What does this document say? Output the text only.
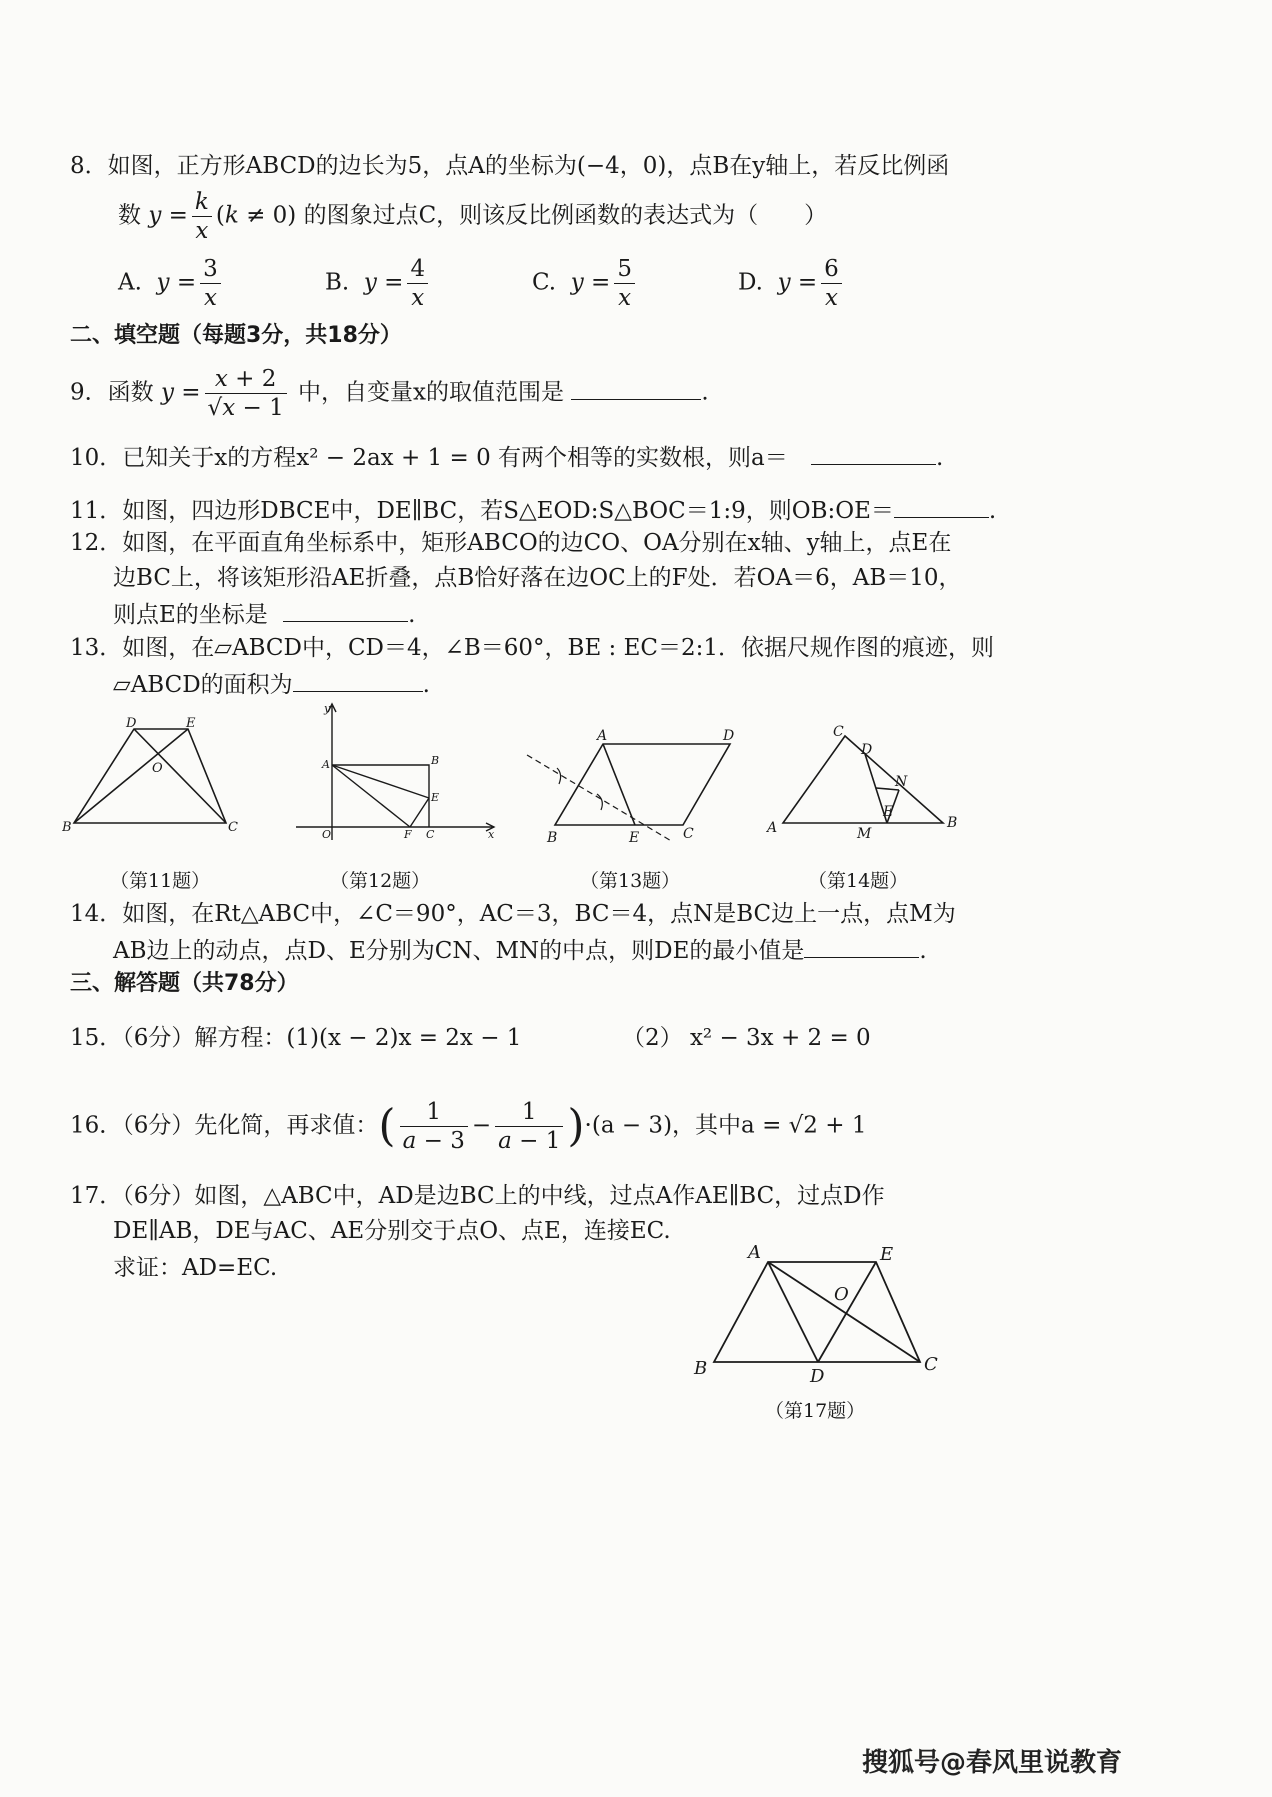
8．如图，正方形ABCD的边长为5，点A的坐标为(−4，0)，点B在y轴上，若反比例函
数 $y = \frac{k}{x} (k \ne 0)$ 的图象过点C，则该反比例函数的表达式为（　　）
A. $y = \frac{3}{x}$	B. $y = \frac{4}{x}$	C. $y = \frac{5}{x}$	D. $y = \frac{6}{x}$
二、填空题（每题3分，共18分）
9．函数 $y = \frac{x + 2}{√x - 1}$ 中，自变量x的取值范围是	.
10．已知关于x的方程x² − 2ax + 1 = 0 有两个相等的实数根，则a＝	.
11．如图，四边形DBCE中，DE∥BC，若S△EOD:S△BOC＝1:9，则OB:OE＝	.
12．如图，在平面直角坐标系中，矩形ABCO的边CO、OA分别在x轴、y轴上，点E在
边BC上，将该矩形沿AE折叠，点B恰好落在边OC上的F处．若OA＝6，AB＝10，
则点E的坐标是	.
13．如图，在▱ABCD中，CD＝4，∠B＝60°，BE : EC＝2:1．依据尺规作图的痕迹，则
▱ABCD的面积为	.
D	E
O
B	C
（第11题）
y
x
A	B
E
O	F C
（第12题）
A	D
B	E	C
（第13题）
C
D
N
E
A	M
B
（第14题）
14．如图，在Rt△ABC中，∠C＝90°，AC＝3，BC＝4，点N是BC边上一点，点M为
AB边上的动点，点D、E分别为CN、MN的中点，则DE的最小值是	.
三、解答题（共78分）
15．（6分）解方程：(1)(x − 2)x = 2x − 1	（2） x² − 3x + 2 = 0
16．（6分）先化简，再求值：( $\frac{1}{a - 3} - \frac{1}{a - 1} )\cdot(a - 3)$，其中a = √2 + 1
17．（6分）如图，△ABC中，AD是边BC上的中线，过点A作AE∥BC，过点D作
DE∥AB，DE与AC、AE分别交于点O、点E，连接EC.
求证：AD=EC.
A	E
O
B	D
C
（第17题）
搜狐号@春风里说教育
